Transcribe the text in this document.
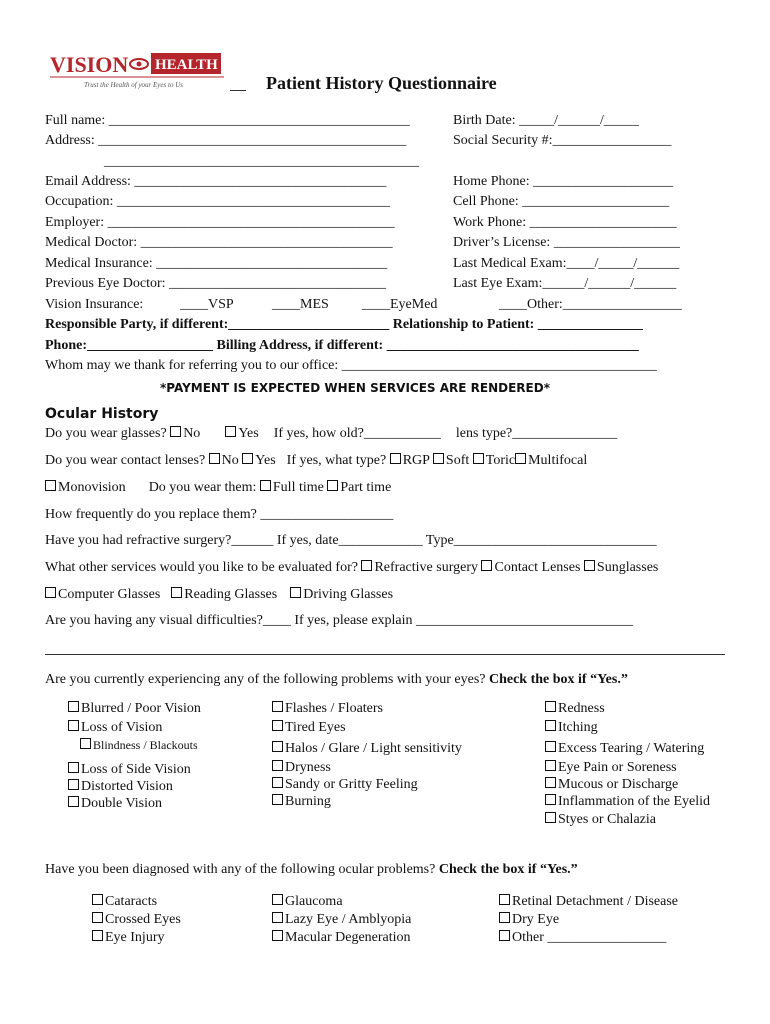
VISION HEALTH
Trust the Health of your Eyes to Us	Patient History Questionnaire
Full name: ___________________________________________	Birth Date: _____/______/_____
Address: ____________________________________________	Social Security #:_________________
_____________________________________________
Email Address: ____________________________________	Home Phone: ____________________
Occupation: _______________________________________	Cell Phone: _____________________
Employer: _________________________________________	Work Phone: _____________________
Medical Doctor: ____________________________________	Driver’s License: __________________
Medical Insurance: _________________________________	Last Medical Exam:____/_____/______
Previous Eye Doctor: _______________________________	Last Eye Exam:______/______/______
Vision Insurance:	____VSP	____MES ____EyeMed	____Other:_________________
Responsible Party, if different:_______________________ Relationship to Patient: _______________
Phone:__________________ Billing Address, if different: ____________________________________
Whom may we thank for referring you to our office: _____________________________________________
*PAYMENT IS EXPECTED WHEN SERVICES ARE RENDERED*
Ocular History
Do you wear glasses? No	Yes If yes, how old?___________ lens type?_______________
Do you wear contact lenses? No Yes If yes, what type? RGP Soft Toric Multifocal
Monovision Do you wear them: Full time Part time
How frequently do you replace them? ___________________
Have you had refractive surgery?______ If yes, date____________ Type_____________________________
What other services would you like to be evaluated for? Refractive surgery Contact Lenses Sunglasses
Computer Glasses Reading Glasses Driving Glasses
Are you having any visual difficulties?____ If yes, please explain _______________________________
Are you currently experiencing any of the following problems with your eyes? Check the box if “Yes.”
Blurred / Poor Vision
Loss of Vision
Blindness / Blackouts
Loss of Side Vision
Distorted Vision
Double Vision
Flashes / Floaters
Tired Eyes
Halos / Glare / Light sensitivity
Dryness
Sandy or Gritty Feeling
Burning
Redness
Itching
Excess Tearing / Watering
Eye Pain or Soreness
Mucous or Discharge
Inflammation of the Eyelid
Styes or Chalazia
Have you been diagnosed with any of the following ocular problems? Check the box if “Yes.”
Cataracts
Crossed Eyes
Eye Injury
Glaucoma
Lazy Eye / Amblyopia
Macular Degeneration
Retinal Detachment / Disease
Dry Eye
Other _________________
